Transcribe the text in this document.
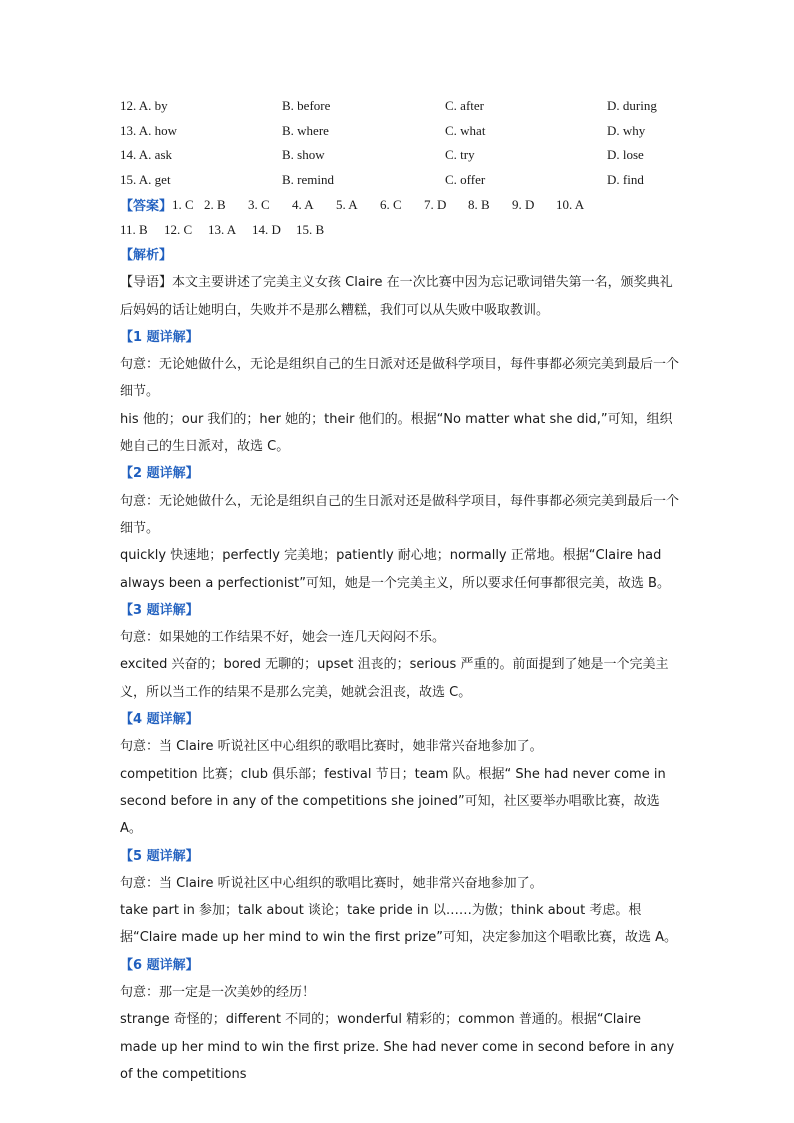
12. A. by	B. before	C. after	D. during
13. A. how	B. where	C. what	D. why
14. A. ask	B. show	C. try	D. lose
15. A. get	B. remind	C. offer	D. find
【答案】 1. C 2. B	3. C	4. A	5. A	6. C	7. D	8. B	9. D	10. A
11. B	12. C	13. A	14. D	15. B
【解析】

【导语】本文主要讲述了完美主义女孩 Claire 在一次比赛中因为忘记歌词错失第一名，颁奖典礼后妈妈的话让她明白，失败并不是那么糟糕，我们可以从失败中吸取教训。

【1 题详解】

句意：无论她做什么，无论是组织自己的生日派对还是做科学项目，每件事都必须完美到最后一个细节。

his 他的；our 我们的；her 她的；their 他们的。根据“No matter what she did,”可知，组织她自己的生日派对，故选 C。

【2 题详解】

句意：无论她做什么，无论是组织自己的生日派对还是做科学项目，每件事都必须完美到最后一个细节。

quickly 快速地；perfectly 完美地；patiently 耐心地；normally 正常地。根据“Claire had always been a perfectionist”可知，她是一个完美主义，所以要求任何事都很完美，故选 B。

【3 题详解】

句意：如果她的工作结果不好，她会一连几天闷闷不乐。

excited 兴奋的；bored 无聊的；upset 沮丧的；serious 严重的。前面提到了她是一个完美主义，所以当工作的结果不是那么完美，她就会沮丧，故选 C。

【4 题详解】

句意：当 Claire 听说社区中心组织的歌唱比赛时，她非常兴奋地参加了。

competition 比赛；club 俱乐部；festival 节日；team 队。根据“ She had never come in second before in any of the competitions she joined”可知，社区要举办唱歌比赛，故选 A。

【5 题详解】

句意：当 Claire 听说社区中心组织的歌唱比赛时，她非常兴奋地参加了。

take part in 参加；talk about 谈论；take pride in 以……为傲；think about 考虑。根据“Claire made up her mind to win the first prize”可知，决定参加这个唱歌比赛，故选 A。

【6 题详解】

句意：那一定是一次美妙的经历！

strange 奇怪的；different 不同的；wonderful 精彩的；common 普通的。根据“Claire made up her mind to win the first prize. She had never come in second before in any of the competitions
